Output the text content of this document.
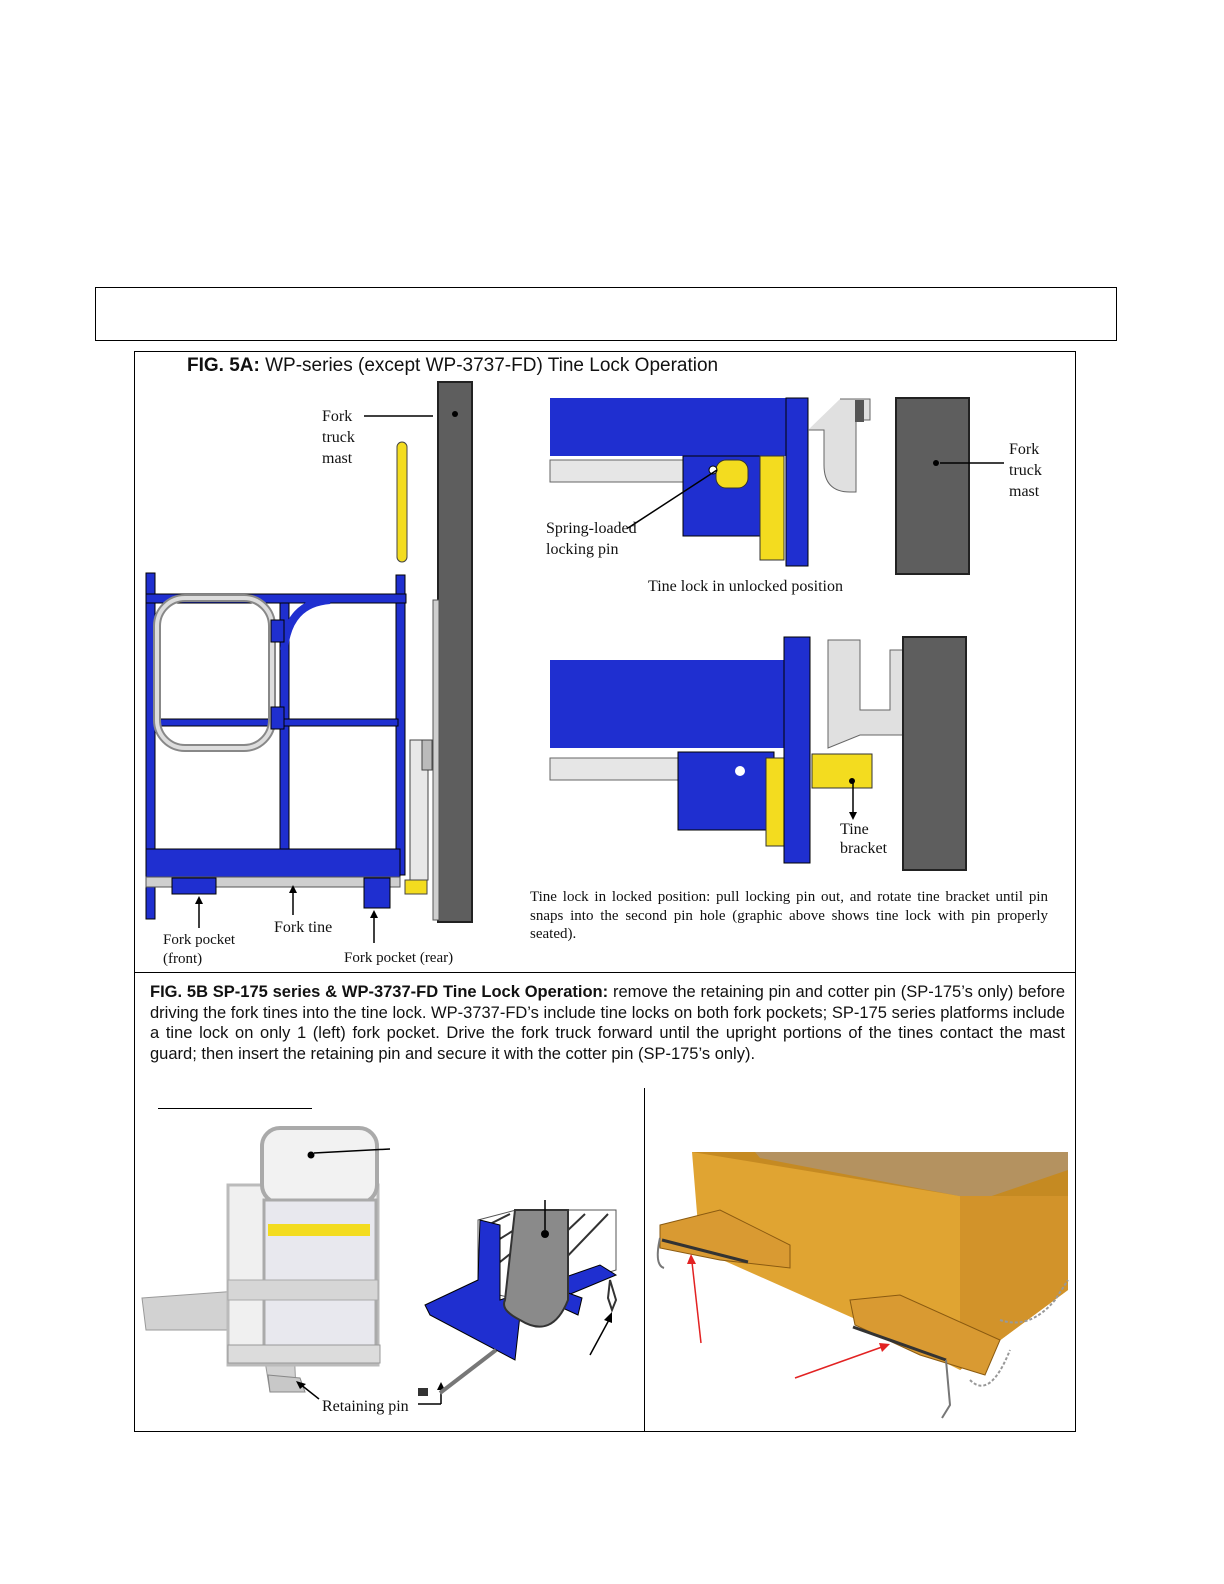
FIG. 5A: WP-series (except WP-3737-FD) Tine Lock Operation
Fork
truck
mast
Fork
truck
mast
Spring-loaded
locking pin
Tine lock in unlocked position
Tine
bracket
Fork pocket
(front)
Fork tine
Fork pocket (rear)
Tine lock in locked position: pull locking pin out, and rotate tine bracket until pin snaps into the second pin hole (graphic above shows tine lock with pin properly seated).
FIG. 5B SP-175 series & WP-3737-FD Tine Lock Operation: remove the retaining pin and cotter pin (SP-175’s only) before driving the fork tines into the tine lock. WP-3737-FD’s include tine locks on both fork pockets; SP-175 series platforms include a tine lock on only 1 (left) fork pocket. Drive the fork truck forward until the upright portions of the tines contact the mast guard; then insert the retaining pin and secure it with the cotter pin (SP-175’s only).
Retaining pin
